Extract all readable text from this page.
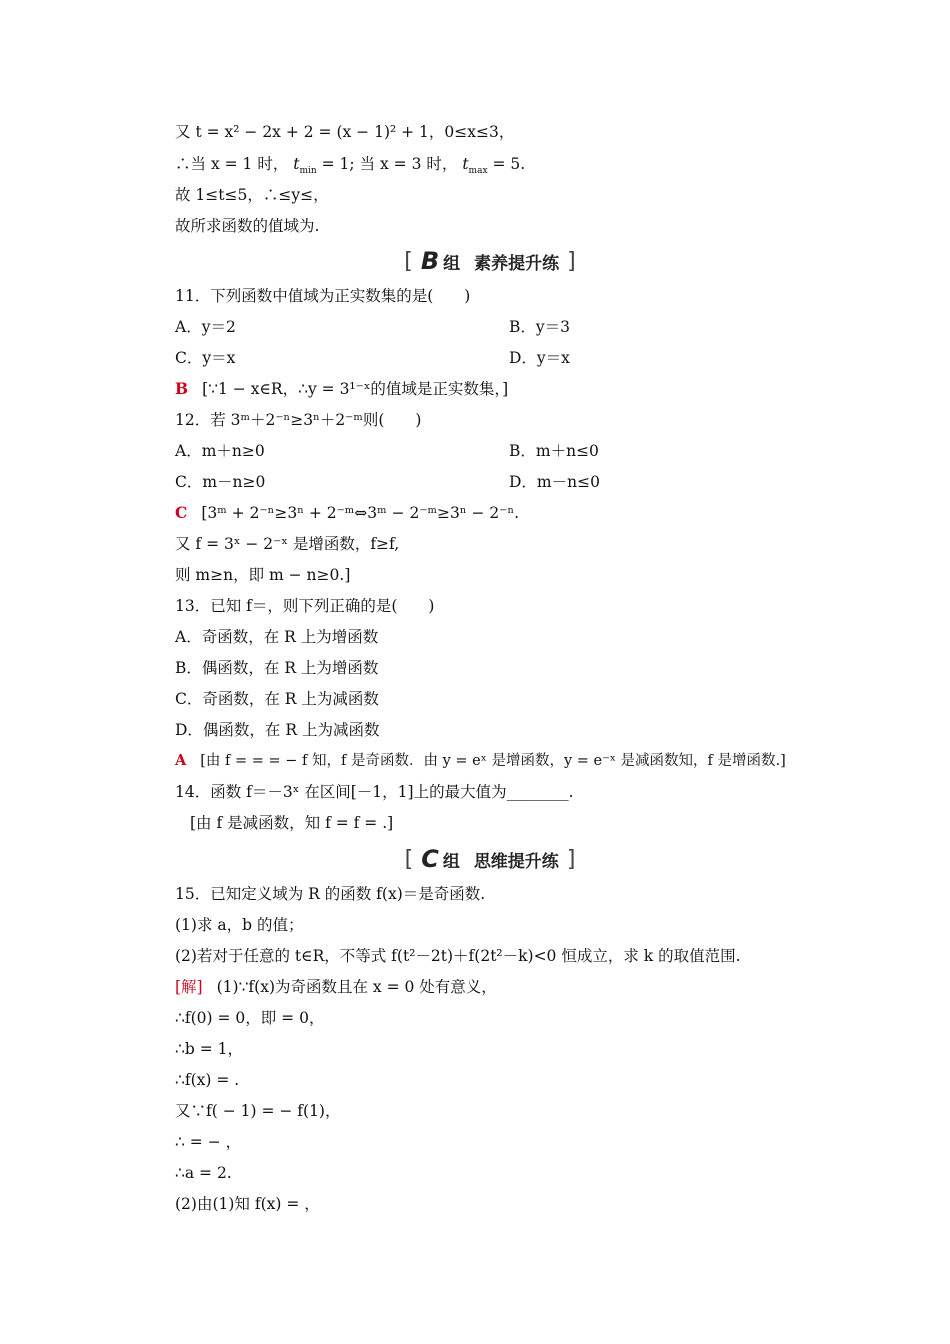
又 t = x² − 2x + 2 = (x − 1)² + 1，0≤x≤3，
∴当 x = 1 时， $t_{min} = 1$; 当 x = 3 时， $t_{max} = 5$.
故 1≤t≤5，∴≤y≤，
故所求函数的值域为.
[ B 组 素养提升练 ]
11．下列函数中值域为正实数集的是(　　)
A．y＝2	B．y＝3
C．y＝x	D．y＝x
B [∵1 − x∈R，∴y = 3¹⁻ˣ的值域是正实数集，]
12．若 3ᵐ＋2⁻ⁿ≥3ⁿ＋2⁻ᵐ则(　　)
A．m＋n≥0	B．m＋n≤0
C．m－n≥0	D．m－n≤0
C [3ᵐ + 2⁻ⁿ≥3ⁿ + 2⁻ᵐ⇔3ᵐ − 2⁻ᵐ≥3ⁿ − 2⁻ⁿ.
又 f = 3ˣ − 2⁻ˣ 是增函数，f≥f,
则 m≥n，即 m − n≥0.]
13．已知 f＝，则下列正确的是(　　)
A．奇函数，在 R 上为增函数
B．偶函数，在 R 上为增函数
C．奇函数，在 R 上为减函数
D．偶函数，在 R 上为减函数
A [由 f = = = − f 知，f 是奇函数．由 y = eˣ 是增函数，y = e⁻ˣ 是减函数知，f 是增函数.]
14．函数 f＝－3ˣ 在区间[－1，1]上的最大值为________.
[由 f 是减函数，知 f = f = .]
[ C 组 思维提升练 ]
15．已知定义域为 R 的函数 f(x)＝是奇函数.
(1)求 a，b 的值；
(2)若对于任意的 t∈R，不等式 f(t²－2t)＋f(2t²－k)<0 恒成立，求 k 的取值范围.
[解] (1)∵f(x)为奇函数且在 x = 0 处有意义，
∴f(0) = 0，即 = 0，
∴b = 1，
∴f(x) = .
又∵f( − 1) = − f(1)，
∴ = − ，
∴a = 2.
(2)由(1)知 f(x) = ，
